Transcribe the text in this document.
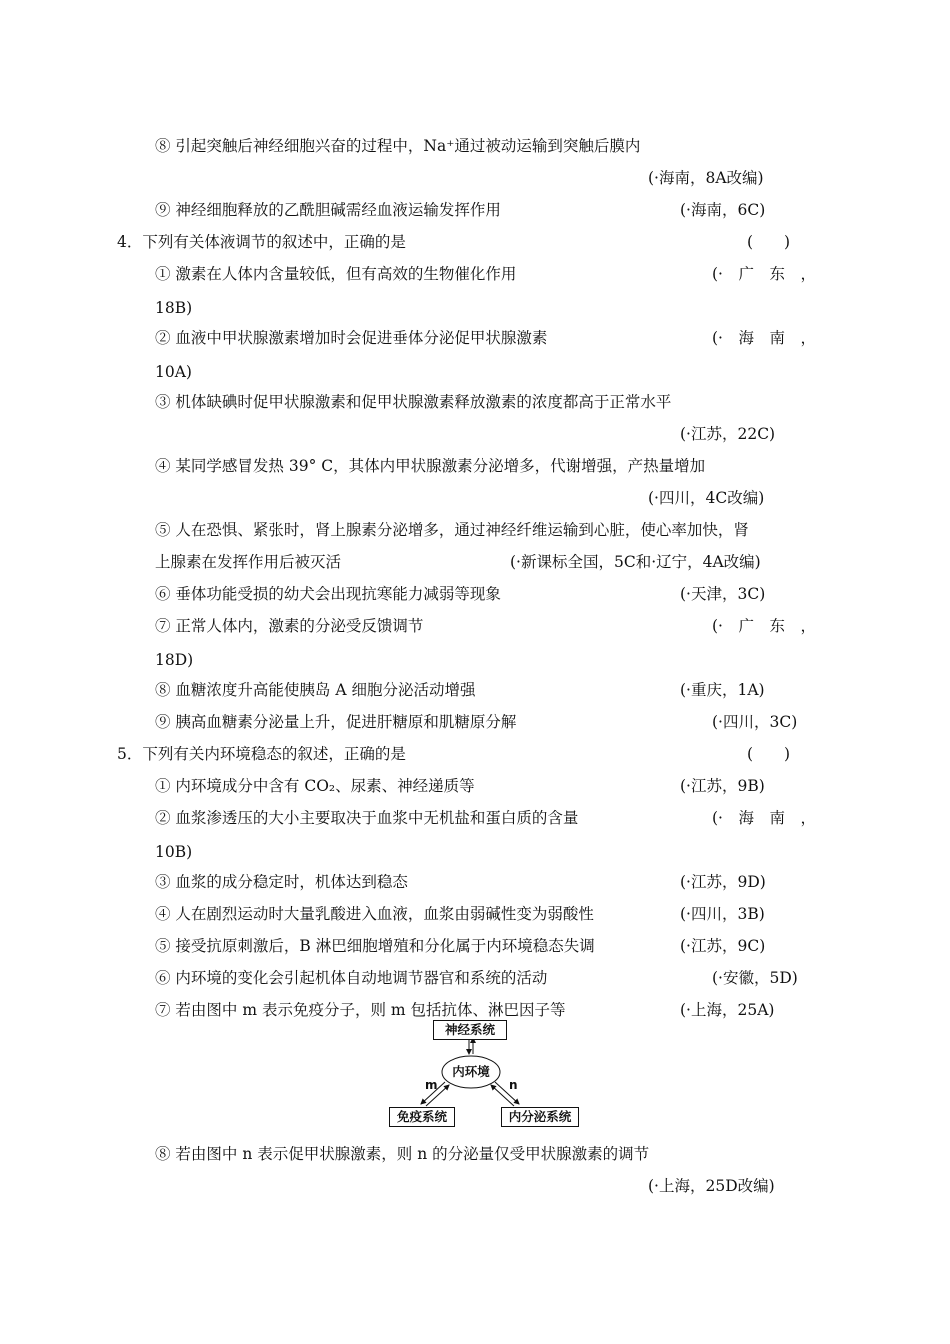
⑧ 引起突触后神经细胞兴奋的过程中，Na⁺通过被动运输到突触后膜内
(·海南，8A改编)
⑨ 神经细胞释放的乙酰胆碱需经血液运输发挥作用	(·海南，6C)
4．下列有关体液调节的叙述中，正确的是	(　　)
① 激素在人体内含量较低，但有高效的生物催化作用	(·　广　东　，
18B)
② 血液中甲状腺激素增加时会促进垂体分泌促甲状腺激素	(·　海　南　，
10A)
③ 机体缺碘时促甲状腺激素和促甲状腺激素释放激素的浓度都高于正常水平
(·江苏，22C)
④ 某同学感冒发热 39° C，其体内甲状腺激素分泌增多，代谢增强，产热量增加
(·四川，4C改编)
⑤ 人在恐惧、紧张时，肾上腺素分泌增多，通过神经纤维运输到心脏，使心率加快，肾
上腺素在发挥作用后被灭活	(·新课标全国，5C和·辽宁，4A改编)
⑥ 垂体功能受损的幼犬会出现抗寒能力减弱等现象	(·天津，3C)
⑦ 正常人体内，激素的分泌受反馈调节	(·　广　东　，
18D)
⑧ 血糖浓度升高能使胰岛 A 细胞分泌活动增强	(·重庆，1A)
⑨ 胰高血糖素分泌量上升，促进肝糖原和肌糖原分解	(·四川，3C)
5．下列有关内环境稳态的叙述，正确的是	(　　)
① 内环境成分中含有 CO₂、尿素、神经递质等	(·江苏，9B)
② 血浆渗透压的大小主要取决于血浆中无机盐和蛋白质的含量	(·　海　南　，
10B)
③ 血浆的成分稳定时，机体达到稳态	(·江苏，9D)
④ 人在剧烈运动时大量乳酸进入血液，血浆由弱碱性变为弱酸性	(·四川，3B)
⑤ 接受抗原刺激后，B 淋巴细胞增殖和分化属于内环境稳态失调	(·江苏，9C)
⑥ 内环境的变化会引起机体自动地调节器官和系统的活动	(·安徽，5D)
⑦ 若由图中 m 表示免疫分子，则 m 包括抗体、淋巴因子等	(·上海，25A)
神经系统
内环境
免疫系统	内分泌系统
m	n
⑧ 若由图中 n 表示促甲状腺激素，则 n 的分泌量仅受甲状腺激素的调节
(·上海，25D改编)
